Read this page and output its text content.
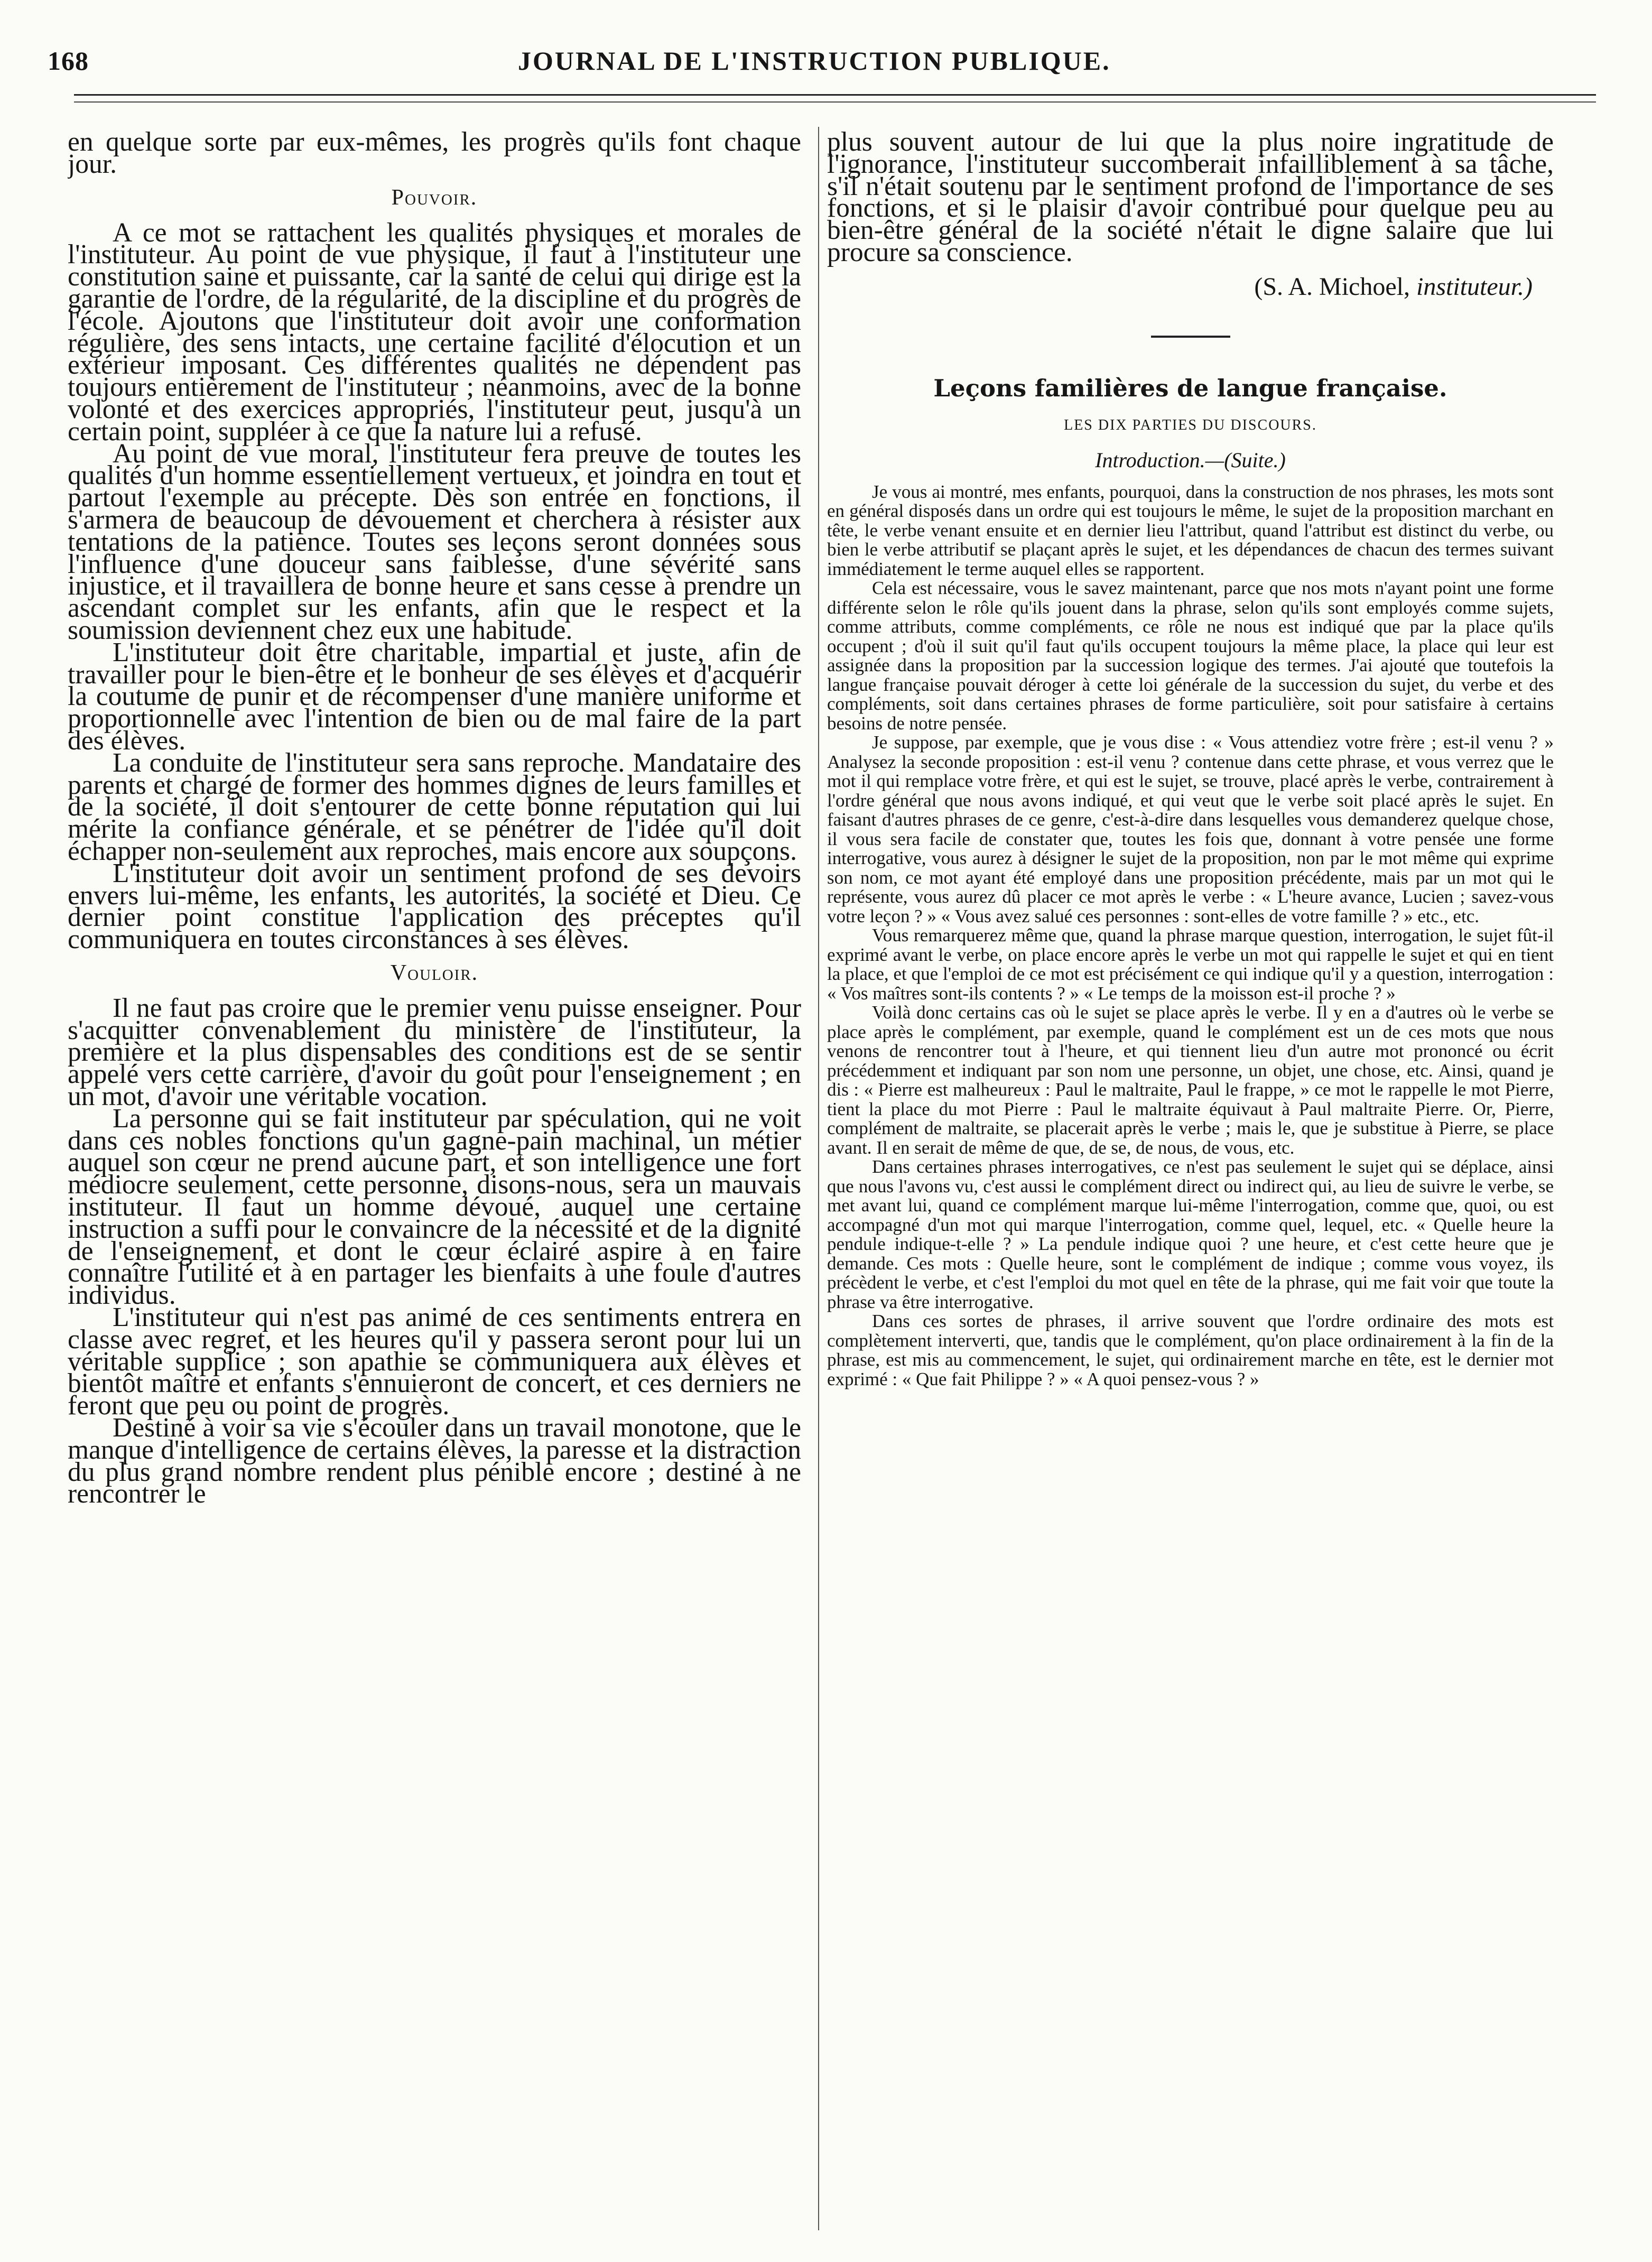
168	JOURNAL DE L'INSTRUCTION PUBLIQUE.

en quelque sorte par eux-mêmes, les progrès qu'ils font chaque jour.

Pouvoir.

A ce mot se rattachent les qualités physiques et morales de l'instituteur. Au point de vue physique, il faut à l'instituteur une constitution saine et puissante, car la santé de celui qui dirige est la garantie de l'ordre, de la régularité, de la discipline et du progrès de l'école. Ajoutons que l'instituteur doit avoir une conformation régulière, des sens intacts, une certaine facilité d'élocution et un extérieur imposant. Ces différentes qualités ne dépendent pas toujours entièrement de l'instituteur ; néanmoins, avec de la bonne volonté et des exercices appropriés, l'instituteur peut, jusqu'à un certain point, suppléer à ce que la nature lui a refusé.

Au point de vue moral, l'instituteur fera preuve de toutes les qualités d'un homme essentiellement vertueux, et joindra en tout et partout l'exemple au précepte. Dès son entrée en fonctions, il s'armera de beaucoup de dévouement et cherchera à résister aux tentations de la patience. Toutes ses leçons seront données sous l'influence d'une douceur sans faiblesse, d'une sévérité sans injustice, et il travaillera de bonne heure et sans cesse à prendre un ascendant complet sur les enfants, afin que le respect et la soumission deviennent chez eux une habitude.

L'instituteur doit être charitable, impartial et juste, afin de travailler pour le bien-être et le bonheur de ses élèves et d'acquérir la coutume de punir et de récompenser d'une manière uniforme et proportionnelle avec l'intention de bien ou de mal faire de la part des élèves.

La conduite de l'instituteur sera sans reproche. Mandataire des parents et chargé de former des hommes dignes de leurs familles et de la société, il doit s'entourer de cette bonne réputation qui lui mérite la confiance générale, et se pénétrer de l'idée qu'il doit échapper non-seulement aux reproches, mais encore aux soupçons.

L'instituteur doit avoir un sentiment profond de ses devoirs envers lui-même, les enfants, les autorités, la société et Dieu. Ce dernier point constitue l'application des préceptes qu'il communiquera en toutes circonstances à ses élèves.

Vouloir.

Il ne faut pas croire que le premier venu puisse enseigner. Pour s'acquitter convenablement du ministère de l'instituteur, la première et la plus dispensables des conditions est de se sentir appelé vers cette carrière, d'avoir du goût pour l'enseignement ; en un mot, d'avoir une véritable vocation.

La personne qui se fait instituteur par spéculation, qui ne voit dans ces nobles fonctions qu'un gagne-pain machinal, un métier auquel son cœur ne prend aucune part, et son intelligence une fort médiocre seulement, cette personne, disons-nous, sera un mauvais instituteur. Il faut un homme dévoué, auquel une certaine instruction a suffi pour le convaincre de la nécessité et de la dignité de l'enseignement, et dont le cœur éclairé aspire à en faire connaître l'utilité et à en partager les bienfaits à une foule d'autres individus.

L'instituteur qui n'est pas animé de ces sentiments entrera en classe avec regret, et les heures qu'il y passera seront pour lui un véritable supplice ; son apathie se communiquera aux élèves et bientôt maître et enfants s'ennuieront de concert, et ces derniers ne feront que peu ou point de progrès.

Destiné à voir sa vie s'écouler dans un travail monotone, que le manque d'intelligence de certains élèves, la paresse et la distraction du plus grand nombre rendent plus pénible encore ; destiné à ne rencontrer le

plus souvent autour de lui que la plus noire ingratitude de l'ignorance, l'instituteur succomberait infailliblement à sa tâche, s'il n'était soutenu par le sentiment profond de l'importance de ses fonctions, et si le plaisir d'avoir contribué pour quelque peu au bien-être général de la société n'était le digne salaire que lui procure sa conscience.

(S. A. Michoel, instituteur.)
Leçons familières de langue française.
LES DIX PARTIES DU DISCOURS.
Introduction.—(Suite.)

Je vous ai montré, mes enfants, pourquoi, dans la construction de nos phrases, les mots sont en général disposés dans un ordre qui est toujours le même, le sujet de la proposition marchant en tête, le verbe venant ensuite et en dernier lieu l'attribut, quand l'attribut est distinct du verbe, ou bien le verbe attributif se plaçant après le sujet, et les dépendances de chacun des termes suivant immédiatement le terme auquel elles se rapportent.

Cela est nécessaire, vous le savez maintenant, parce que nos mots n'ayant point une forme différente selon le rôle qu'ils jouent dans la phrase, selon qu'ils sont employés comme sujets, comme attributs, comme compléments, ce rôle ne nous est indiqué que par la place qu'ils occupent ; d'où il suit qu'il faut qu'ils occupent toujours la même place, la place qui leur est assignée dans la proposition par la succession logique des termes. J'ai ajouté que toutefois la langue française pouvait déroger à cette loi générale de la succession du sujet, du verbe et des compléments, soit dans certaines phrases de forme particulière, soit pour satisfaire à certains besoins de notre pensée.

Je suppose, par exemple, que je vous dise : « Vous attendiez votre frère ; est-il venu ? » Analysez la seconde proposition : est-il venu ? contenue dans cette phrase, et vous verrez que le mot il qui remplace votre frère, et qui est le sujet, se trouve, placé après le verbe, contrairement à l'ordre général que nous avons indiqué, et qui veut que le verbe soit placé après le sujet. En faisant d'autres phrases de ce genre, c'est-à-dire dans lesquelles vous demanderez quelque chose, il vous sera facile de constater que, toutes les fois que, donnant à votre pensée une forme interrogative, vous aurez à désigner le sujet de la proposition, non par le mot même qui exprime son nom, ce mot ayant été employé dans une proposition précédente, mais par un mot qui le représente, vous aurez dû placer ce mot après le verbe : « L'heure avance, Lucien ; savez-vous votre leçon ? » « Vous avez salué ces personnes : sont-elles de votre famille ? » etc., etc.

Vous remarquerez même que, quand la phrase marque question, interrogation, le sujet fût-il exprimé avant le verbe, on place encore après le verbe un mot qui rappelle le sujet et qui en tient la place, et que l'emploi de ce mot est précisément ce qui indique qu'il y a question, interrogation : « Vos maîtres sont-ils contents ? » « Le temps de la moisson est-il proche ? »

Voilà donc certains cas où le sujet se place après le verbe. Il y en a d'autres où le verbe se place après le complément, par exemple, quand le complément est un de ces mots que nous venons de rencontrer tout à l'heure, et qui tiennent lieu d'un autre mot prononcé ou écrit précédemment et indiquant par son nom une personne, un objet, une chose, etc. Ainsi, quand je dis : « Pierre est malheureux : Paul le maltraite, Paul le frappe, » ce mot le rappelle le mot Pierre, tient la place du mot Pierre : Paul le maltraite équivaut à Paul maltraite Pierre. Or, Pierre, complément de maltraite, se placerait après le verbe ; mais le, que je substitue à Pierre, se place avant. Il en serait de même de que, de se, de nous, de vous, etc.

Dans certaines phrases interrogatives, ce n'est pas seulement le sujet qui se déplace, ainsi que nous l'avons vu, c'est aussi le complément direct ou indirect qui, au lieu de suivre le verbe, se met avant lui, quand ce complément marque lui-même l'interrogation, comme que, quoi, ou est accompagné d'un mot qui marque l'interrogation, comme quel, lequel, etc. « Quelle heure la pendule indique-t-elle ? » La pendule indique quoi ? une heure, et c'est cette heure que je demande. Ces mots : Quelle heure, sont le complément de indique ; comme vous voyez, ils précèdent le verbe, et c'est l'emploi du mot quel en tête de la phrase, qui me fait voir que toute la phrase va être interrogative.

Dans ces sortes de phrases, il arrive souvent que l'ordre ordinaire des mots est complètement interverti, que, tandis que le complément, qu'on place ordinairement à la fin de la phrase, est mis au commencement, le sujet, qui ordinairement marche en tête, est le dernier mot exprimé : « Que fait Philippe ? » « A quoi pensez-vous ? »
